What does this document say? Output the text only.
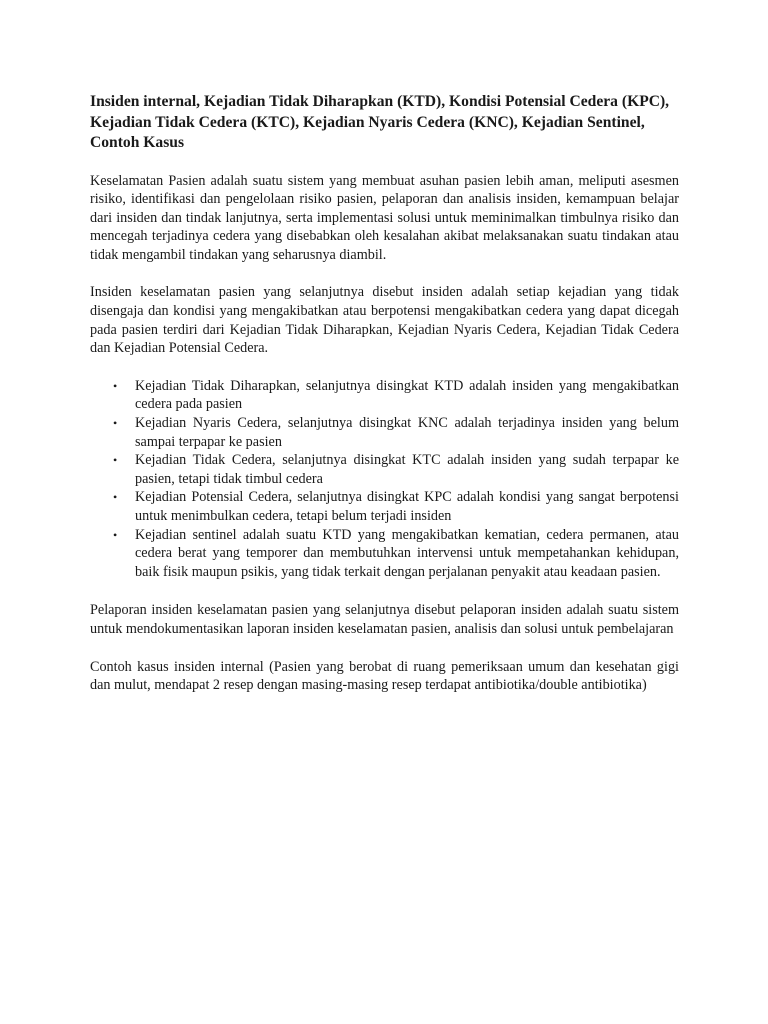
Insiden internal, Kejadian Tidak Diharapkan (KTD), Kondisi Potensial Cedera (KPC), Kejadian Tidak Cedera (KTC), Kejadian Nyaris Cedera (KNC), Kejadian Sentinel, Contoh Kasus

Keselamatan Pasien adalah suatu sistem yang membuat asuhan pasien lebih aman, meliputi asesmen risiko, identifikasi dan pengelolaan risiko pasien, pelaporan dan analisis insiden, kemampuan belajar dari insiden dan tindak lanjutnya, serta implementasi solusi untuk meminimalkan timbulnya risiko dan mencegah terjadinya cedera yang disebabkan oleh kesalahan akibat melaksanakan suatu tindakan atau tidak mengambil tindakan yang seharusnya diambil.

Insiden keselamatan pasien yang selanjutnya disebut insiden adalah setiap kejadian yang tidak disengaja dan kondisi yang mengakibatkan atau berpotensi mengakibatkan cedera yang dapat dicegah pada pasien terdiri dari Kejadian Tidak Diharapkan, Kejadian Nyaris Cedera, Kejadian Tidak Cedera dan Kejadian Potensial Cedera.

• Kejadian Tidak Diharapkan, selanjutnya disingkat KTD adalah insiden yang mengakibatkan cedera pada pasien
• Kejadian Nyaris Cedera, selanjutnya disingkat KNC adalah terjadinya insiden yang belum sampai terpapar ke pasien
• Kejadian Tidak Cedera, selanjutnya disingkat KTC adalah insiden yang sudah terpapar ke pasien, tetapi tidak timbul cedera
• Kejadian Potensial Cedera, selanjutnya disingkat KPC adalah kondisi yang sangat berpotensi untuk menimbulkan cedera, tetapi belum terjadi insiden
• Kejadian sentinel adalah suatu KTD yang mengakibatkan kematian, cedera permanen, atau cedera berat yang temporer dan membutuhkan intervensi untuk mempetahankan kehidupan, baik fisik maupun psikis, yang tidak terkait dengan perjalanan penyakit atau keadaan pasien.

Pelaporan insiden keselamatan pasien yang selanjutnya disebut pelaporan insiden adalah suatu sistem untuk mendokumentasikan laporan insiden keselamatan pasien, analisis dan solusi untuk pembelajaran

Contoh kasus insiden internal (Pasien yang berobat di ruang pemeriksaan umum dan kesehatan gigi dan mulut, mendapat 2 resep dengan masing-masing resep terdapat antibiotika/double antibiotika)
